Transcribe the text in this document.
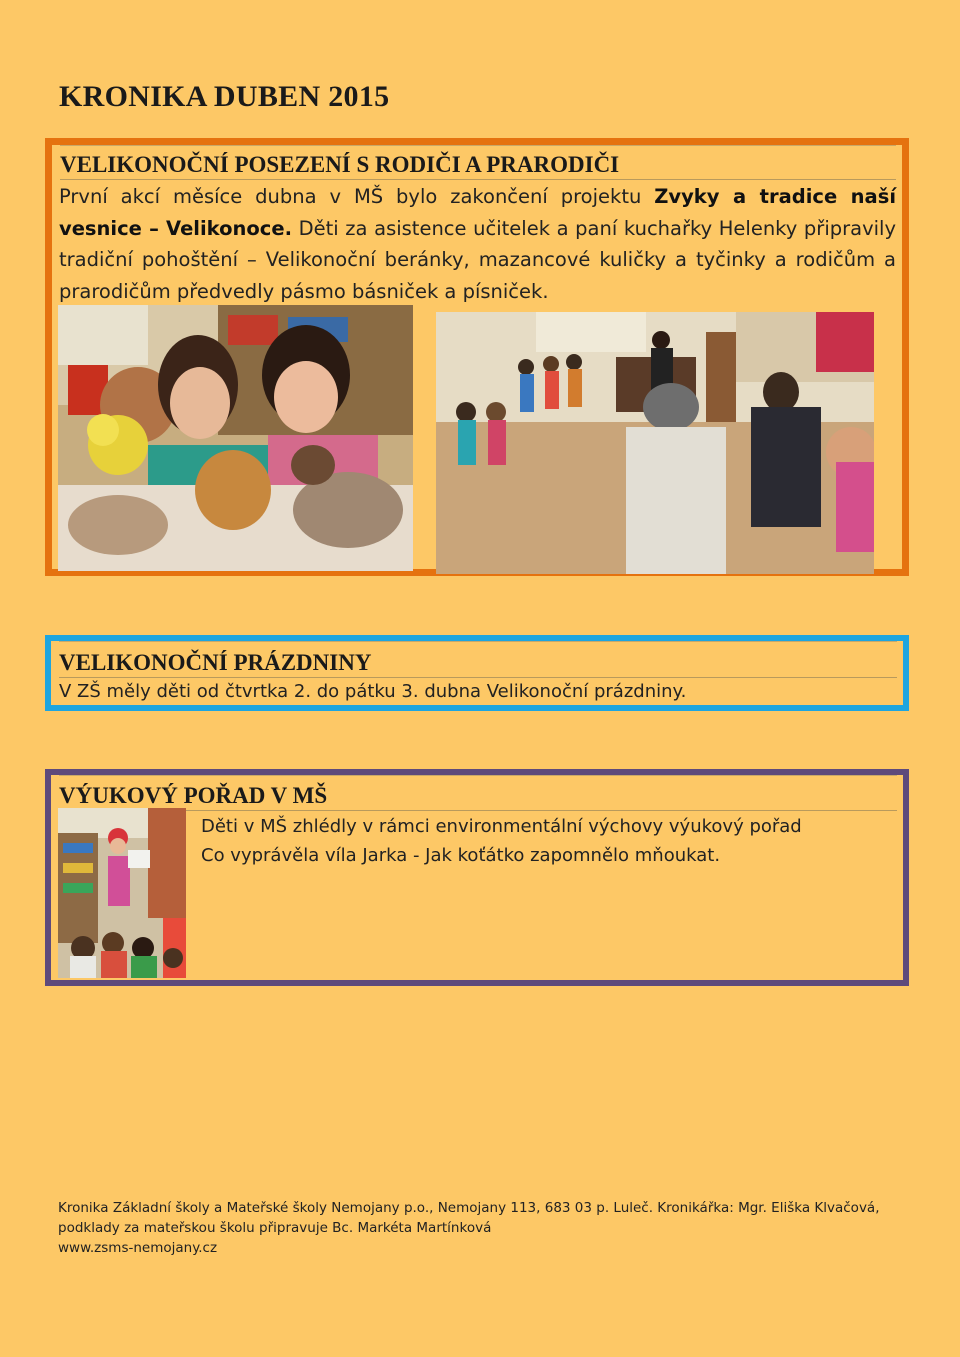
KRONIKA DUBEN 2015
VELIKONOČNÍ POSEZENÍ S RODIČI A PRARODIČI
První akcí měsíce dubna v MŠ bylo zakončení projektu Zvyky a tradice naší vesnice – Velikonoce. Děti za asistence učitelek a paní kuchařky Helenky připravily tradiční pohoštění – Velikonoční beránky, mazancové kuličky a tyčinky a rodičům a prarodičům předvedly pásmo básniček a písniček.
VELIKONOČNÍ PRÁZDNINY
V ZŠ měly děti od čtvrtka 2. do pátku 3. dubna Velikonoční prázdniny.
VÝUKOVÝ POŘAD V MŠ
Děti v MŠ zhlédly v rámci environmentální výchovy výukový pořad
Co vyprávěla víla Jarka - Jak koťátko zapomnělo mňoukat.
Kronika Základní školy a Mateřské školy Nemojany p.o., Nemojany 113, 683 03 p. Luleč. Kronikářka: Mgr. Eliška Klvačová,
podklady za mateřskou školu připravuje Bc. Markéta Martínková
www.zsms-nemojany.cz
